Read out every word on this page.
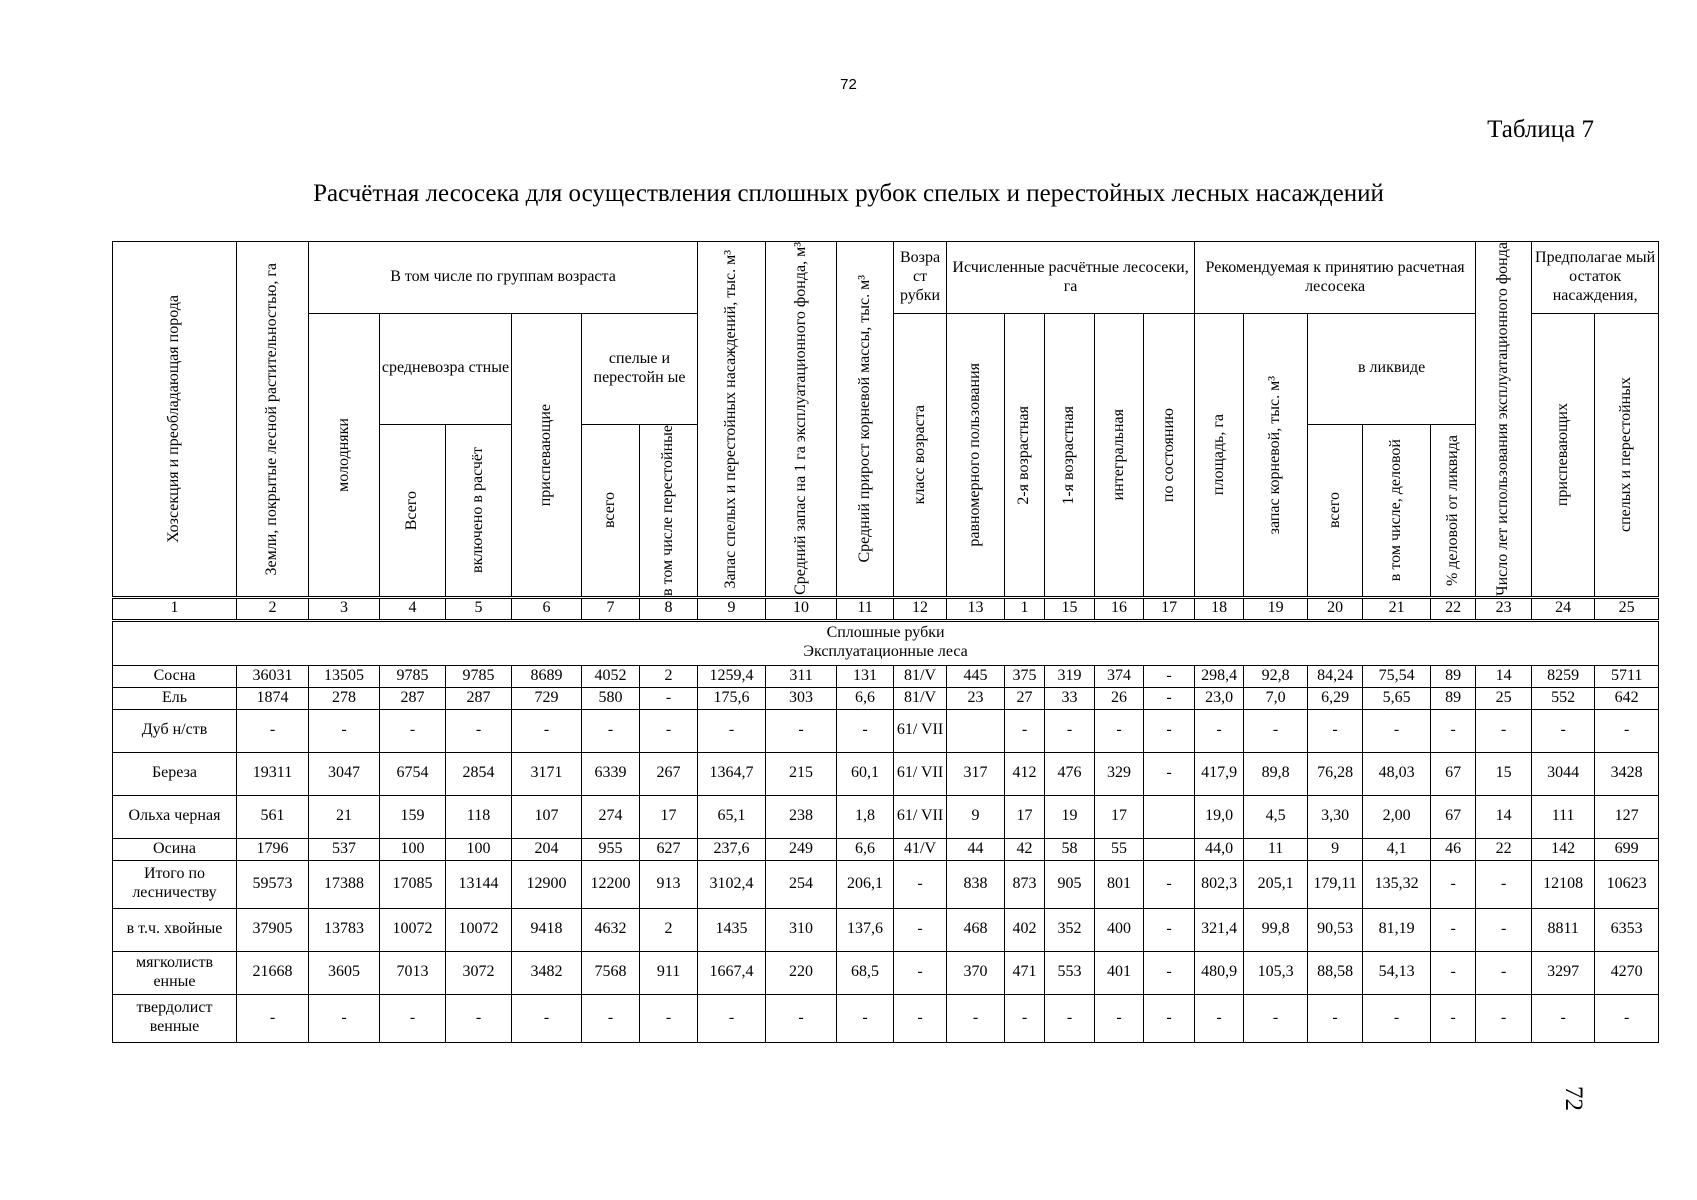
72
Таблица 7
Расчётная лесосека для осуществления сплошных рубок спелых и перестойных лесных насаждений
Хозсекция и преобладающая порода	Земли, покрытые лесной растительностью, га	В том числе по группам возраста						Запас спелых и перестойных насаждений, тыс. м³	Средний запас на 1 га эксплуатационного фонда, м³	Средний прирост корневой массы, тыс. м³	Возра ст рубки	Исчисленные расчётные лесосеки, га					Рекомендуемая к принятию расчетная лесосека					Число лет использования эксплуатационного фонда	Предполагае мый остаток насаждения,	

		молодняки	средневозра стные		приспевающие	спелые и перестойн ые					класс возраста	равномерного пользования	2-я возрастная	1-я возрастная	интегральная	по состоянию	площадь, га	запас корневой, тыс. м³	в ликвиде				приспевающих	спелых и перестойных

			Всего	включено в расчёт		всего	в том числе перестойные												всего	в том числе, деловой	% деловой от ликвида			

1	2	3	4	5	6	7	8	9	10	11	12	13	1	15	16	17	18	19	20	21	22	23	24	25

Сплошные рубки
Эксплуатационные леса																								

Сосна	36031	13505	9785	9785	8689	4052	2	1259,4	311	131	81/V	445	375	319	374	-	298,4	92,8	84,24	75,54	89	14	8259	5711
Ель	1874	278	287	287	729	580	-	175,6	303	6,6	81/V	23	27	33	26	-	23,0	7,0	6,29	5,65	89	25	552	642
Дуб н/ств	-	-	-	-	-	-	-	-	-	-	61/ VII		-	-	-	-	-	-	-	-	-	-	-	-
Береза	19311	3047	6754	2854	3171	6339	267	1364,7	215	60,1	61/ VII	317	412	476	329	-	417,9	89,8	76,28	48,03	67	15	3044	3428
Ольха черная	561	21	159	118	107	274	17	65,1	238	1,8	61/ VII	9	17	19	17		19,0	4,5	3,30	2,00	67	14	111	127
Осина	1796	537	100	100	204	955	627	237,6	249	6,6	41/V	44	42	58	55		44,0	11	9	4,1	46	22	142	699
Итого по лесничеству	59573	17388	17085	13144	12900	12200	913	3102,4	254	206,1	-	838	873	905	801	-	802,3	205,1	179,11	135,32	-	-	12108	10623
в т.ч. хвойные	37905	13783	10072	10072	9418	4632	2	1435	310	137,6	-	468	402	352	400	-	321,4	99,8	90,53	81,19	-	-	8811	6353
мягколиств енные	21668	3605	7013	3072	3482	7568	911	1667,4	220	68,5	-	370	471	553	401	-	480,9	105,3	88,58	54,13	-	-	3297	4270
твердолист венные	-	-	-	-	-	-	-	-	-	-	-	-	-	-	-	-	-	-	-	-	-	-	-	-
72
